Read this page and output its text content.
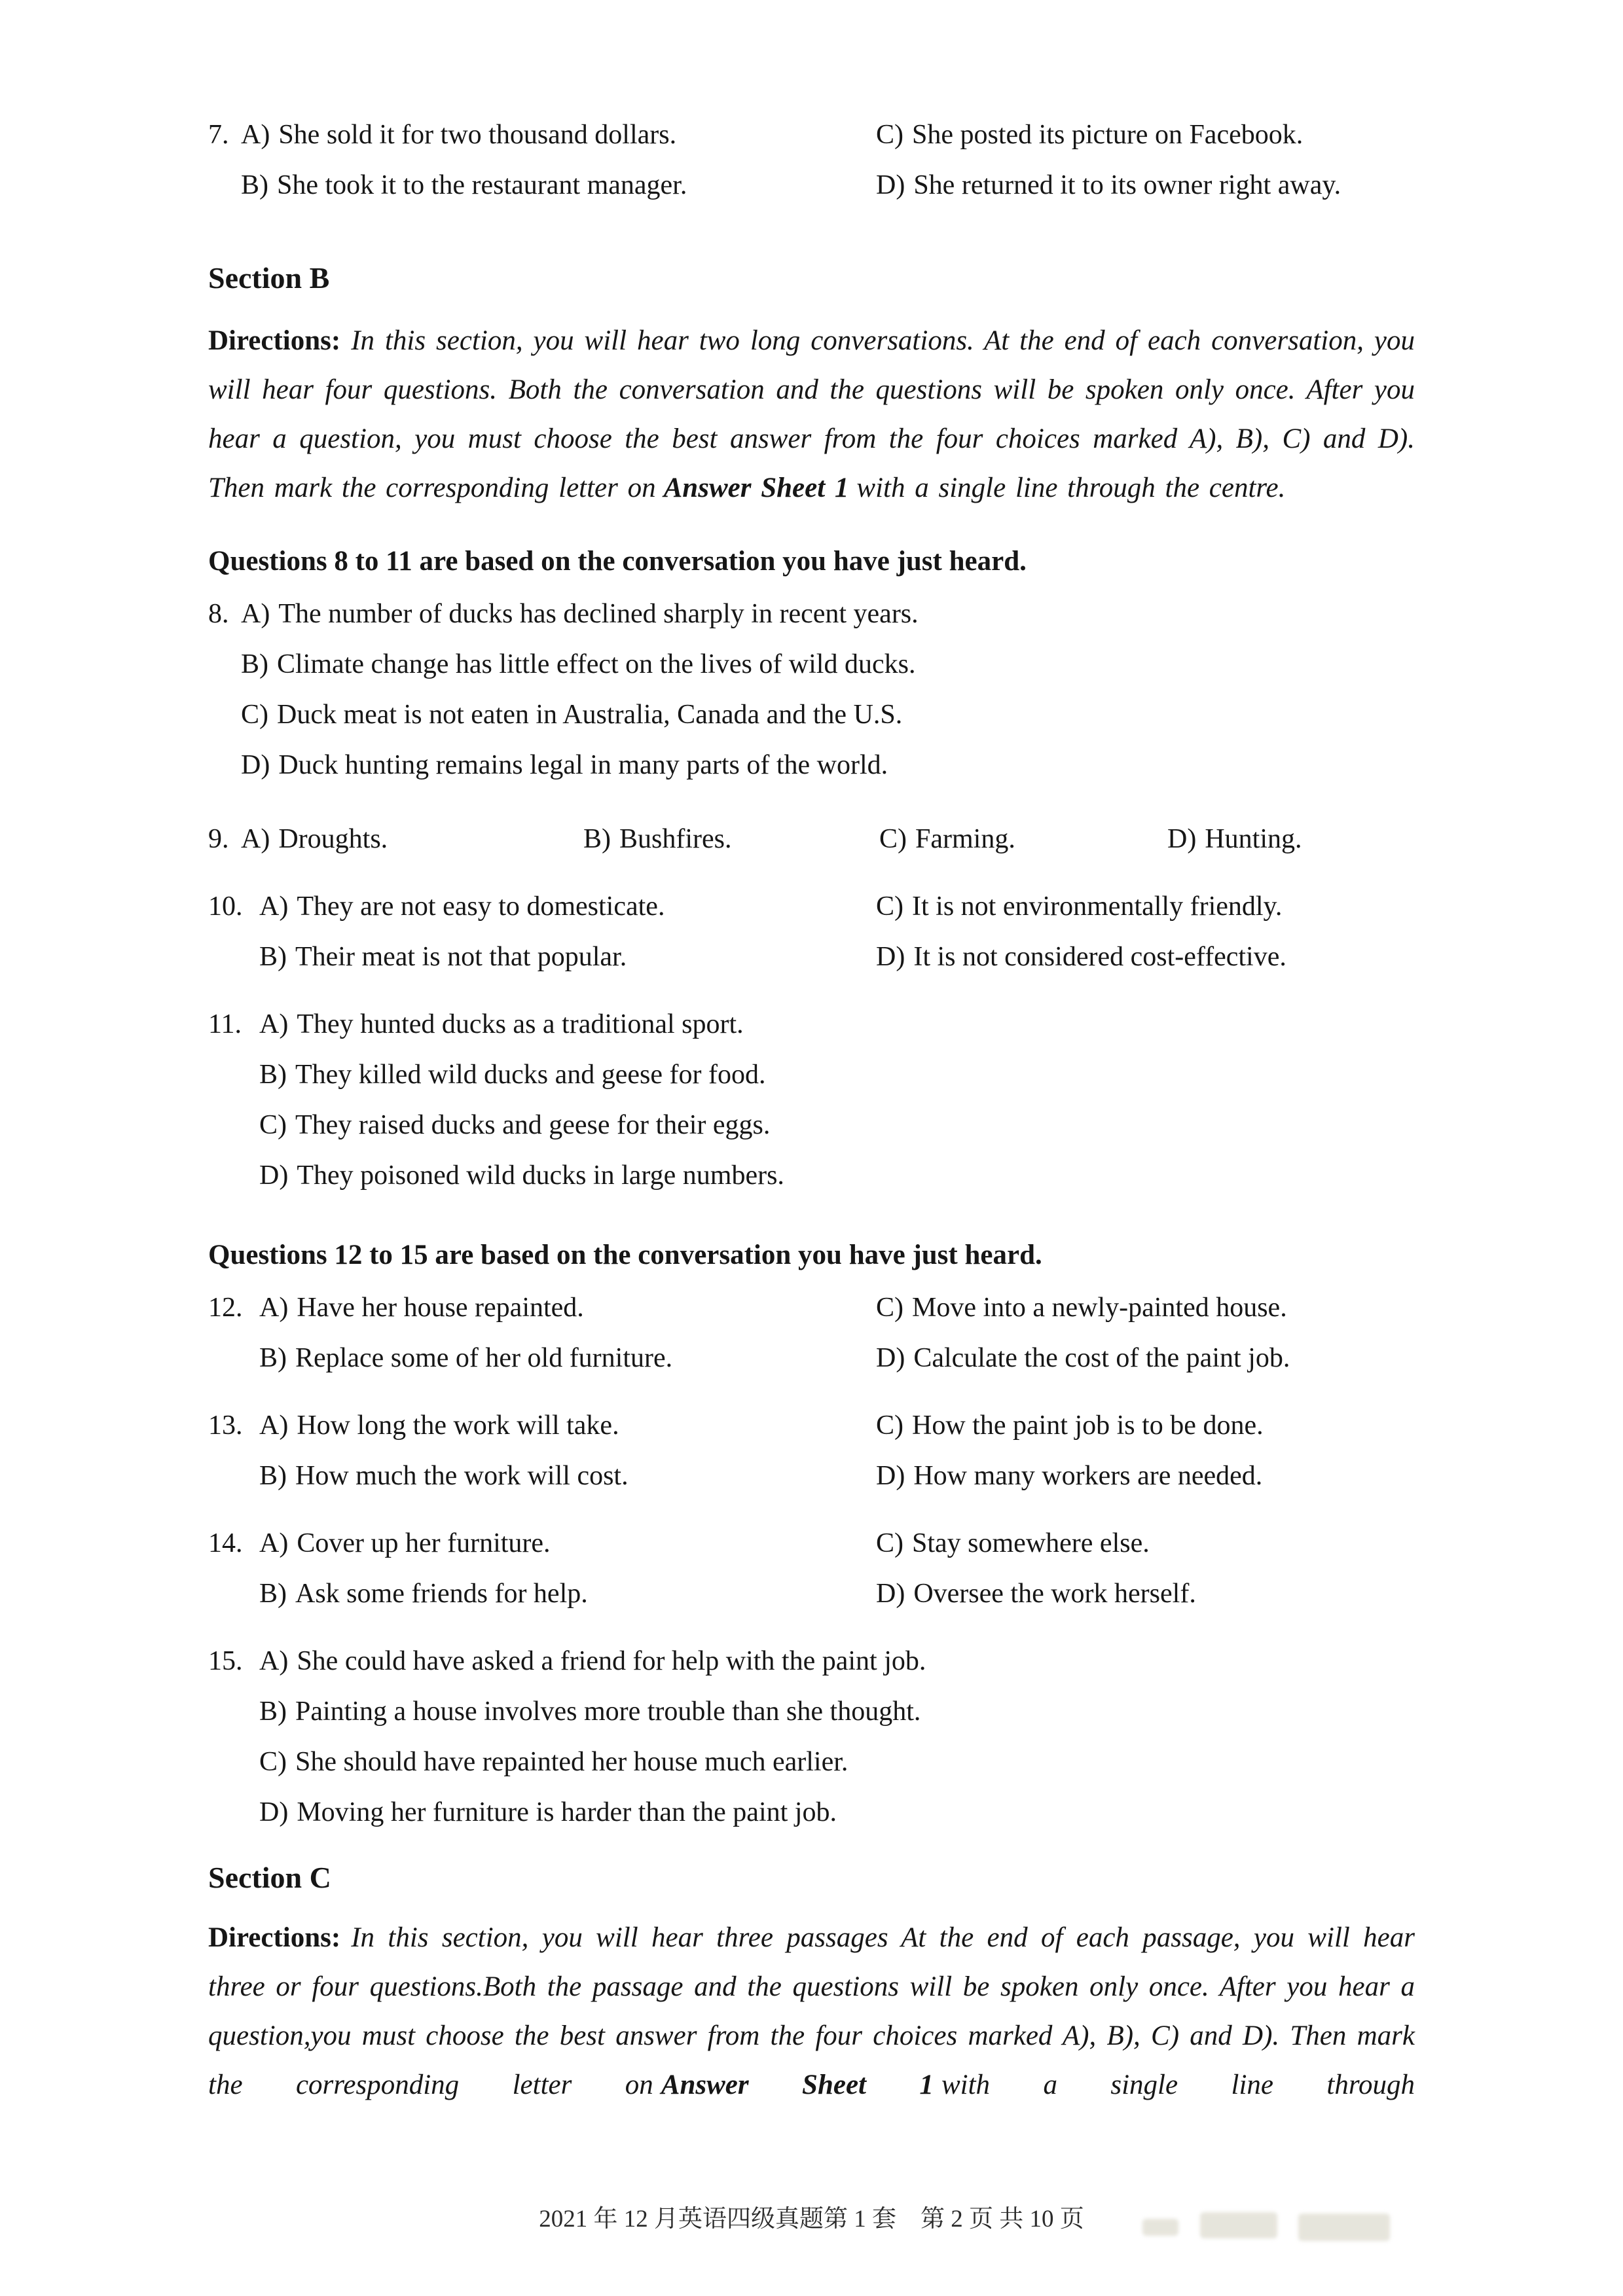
7. A) She sold it for two thousand dollars.	C) She posted its picture on Facebook.
B) She took it to the restaurant manager.	D) She returned it to its owner right away.
Section B

Directions: In this section, you will hear two long conversations. At the end of each conversation, you will hear four questions. Both the conversation and the questions will be spoken only once. After you hear a question, you must choose the best answer from the four choices marked A), B), C) and D). Then mark the corresponding letter on Answer Sheet 1 with a single line through the centre.

Questions 8 to 11 are based on the conversation you have just heard.
8. A) The number of ducks has declined sharply in recent years.
B) Climate change has little effect on the lives of wild ducks.
C) Duck meat is not eaten in Australia, Canada and the U.S.
D) Duck hunting remains legal in many parts of the world.
9. A) Droughts.	B) Bushfires.	C) Farming.	D) Hunting.
10. A) They are not easy to domesticate.	C) It is not environmentally friendly.
B) Their meat is not that popular.	D) It is not considered cost-effective.
11. A) They hunted ducks as a traditional sport.
B) They killed wild ducks and geese for food.
C) They raised ducks and geese for their eggs.
D) They poisoned wild ducks in large numbers.
Questions 12 to 15 are based on the conversation you have just heard.
12. A) Have her house repainted.	C) Move into a newly-painted house.
B) Replace some of her old furniture.	D) Calculate the cost of the paint job.
13. A) How long the work will take.	C) How the paint job is to be done.
B) How much the work will cost.	D) How many workers are needed.
14. A) Cover up her furniture.	C) Stay somewhere else.
B) Ask some friends for help.	D) Oversee the work herself.
15. A) She could have asked a friend for help with the paint job.
B) Painting a house involves more trouble than she thought.
C) She should have repainted her house much earlier.
D) Moving her furniture is harder than the paint job.
Section C

Directions: In this section, you will hear three passages At the end of each passage, you will hear three or four questions.Both the passage and the questions will be spoken only once. After you hear a question,you must choose the best answer from the four choices marked A), B), C) and D). Then mark the corresponding letter on Answer Sheet 1 with a single line through

2021 年 12 月英语四级真题第 1 套　第 2 页 共 10 页
